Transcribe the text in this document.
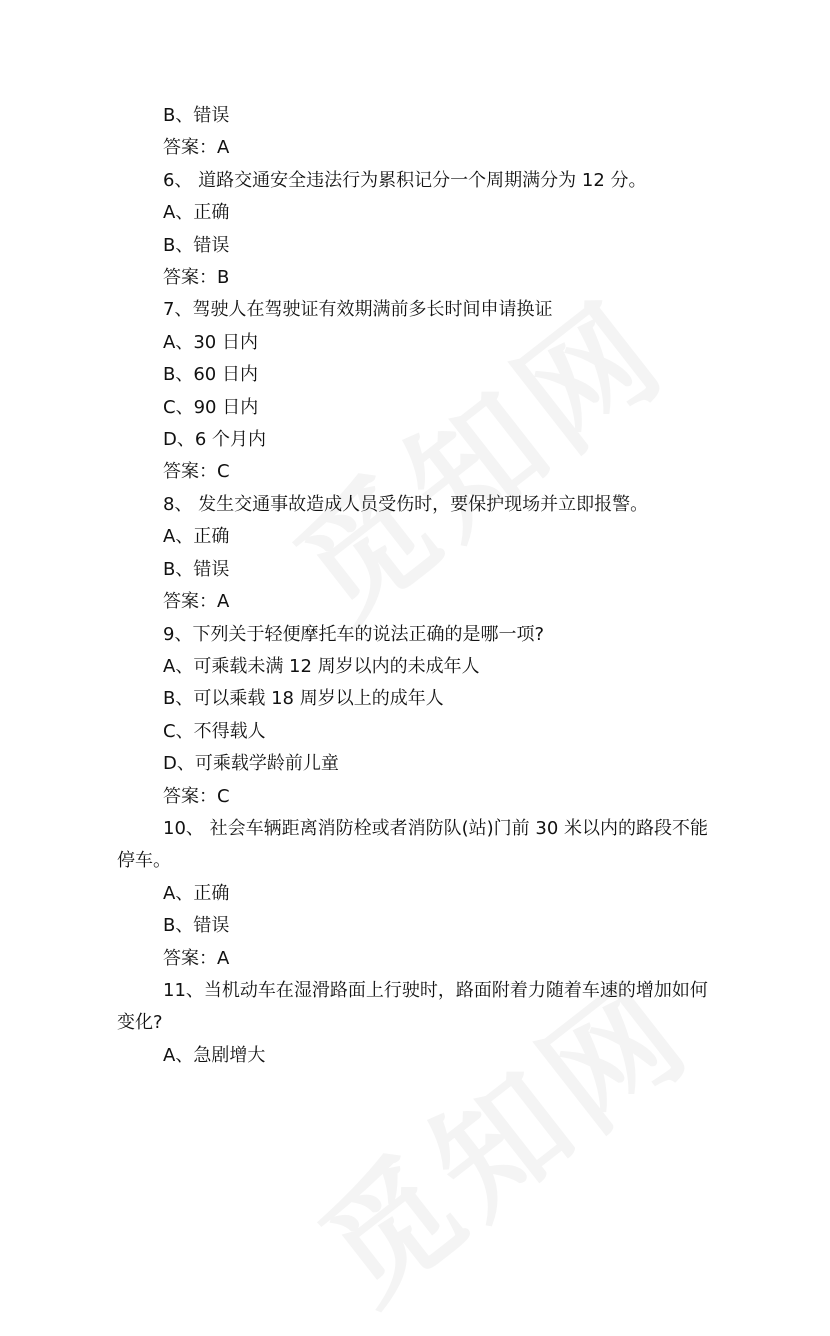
B、错误

答案：A

6、 道路交通安全违法行为累积记分一个周期满分为 12 分。

A、正确

B、错误

答案：B

7、驾驶人在驾驶证有效期满前多长时间申请换证

A、30 日内

B、60 日内

C、90 日内

D、6 个月内

答案：C

8、 发生交通事故造成人员受伤时，要保护现场并立即报警。

A、正确

B、错误

答案：A

9、下列关于轻便摩托车的说法正确的是哪一项?

A、可乘载未满 12 周岁以内的未成年人

B、可以乘载 18 周岁以上的成年人

C、不得载人

D、可乘载学龄前儿童

答案：C

10、 社会车辆距离消防栓或者消防队(站)门前 30 米以内的路段不能停车。

A、正确

B、错误

答案：A

11、当机动车在湿滑路面上行驶时，路面附着力随着车速的增加如何变化?

A、急剧增大
